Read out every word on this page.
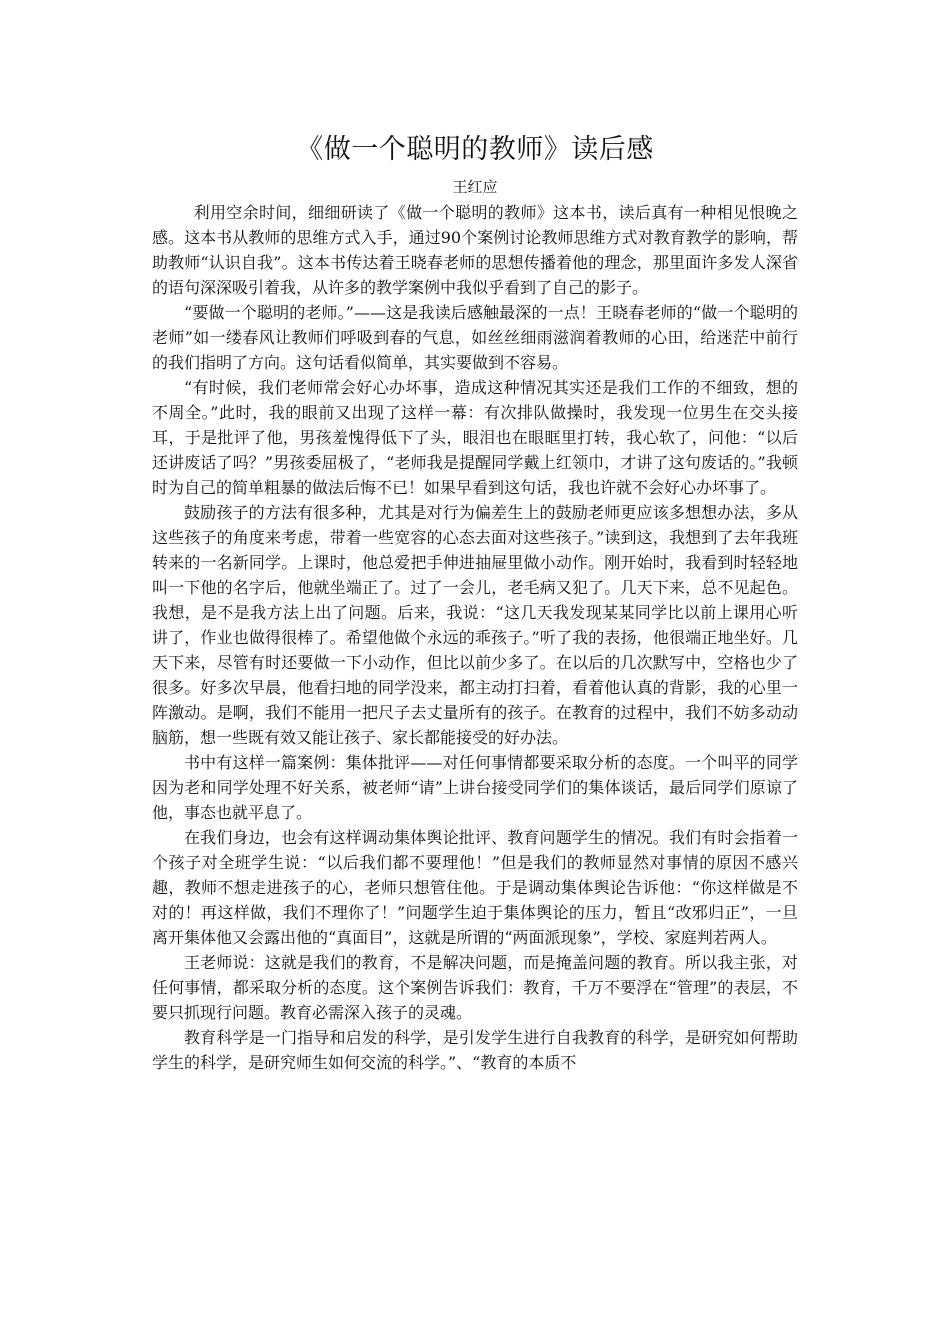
《做一个聪明的教师》读后感
王红应

利用空余时间，细细研读了《做一个聪明的教师》这本书，读后真有一种相见恨晚之感。这本书从教师的思维方式入手，通过90个案例讨论教师思维方式对教育教学的影响，帮助教师“认识自我”。这本书传达着王晓春老师的思想传播着他的理念，那里面许多发人深省的语句深深吸引着我，从许多的教学案例中我似乎看到了自己的影子。

“要做一个聪明的老师。”——这是我读后感触最深的一点！王晓春老师的“做一个聪明的老师”如一缕春风让教师们呼吸到春的气息，如丝丝细雨滋润着教师的心田，给迷茫中前行的我们指明了方向。这句话看似简单，其实要做到不容易。

“有时候，我们老师常会好心办坏事，造成这种情况其实还是我们工作的不细致，想的不周全。”此时，我的眼前又出现了这样一幕：有次排队做操时，我发现一位男生在交头接耳，于是批评了他，男孩羞愧得低下了头，眼泪也在眼眶里打转，我心软了，问他：“以后还讲废话了吗？”男孩委屈极了，“老师我是提醒同学戴上红领巾，才讲了这句废话的。”我顿时为自己的简单粗暴的做法后悔不已！如果早看到这句话，我也许就不会好心办坏事了。

鼓励孩子的方法有很多种，尤其是对行为偏差生上的鼓励老师更应该多想想办法，多从这些孩子的角度来考虑，带着一些宽容的心态去面对这些孩子。”读到这，我想到了去年我班转来的一名新同学。上课时，他总爱把手伸进抽屉里做小动作。刚开始时，我看到时轻轻地叫一下他的名字后，他就坐端正了。过了一会儿，老毛病又犯了。几天下来，总不见起色。我想，是不是我方法上出了问题。后来，我说：“这几天我发现某某同学比以前上课用心听讲了，作业也做得很棒了。希望他做个永远的乖孩子。”听了我的表扬，他很端正地坐好。几天下来，尽管有时还要做一下小动作，但比以前少多了。在以后的几次默写中，空格也少了很多。好多次早晨，他看扫地的同学没来，都主动打扫着，看着他认真的背影，我的心里一阵激动。是啊，我们不能用一把尺子去丈量所有的孩子。在教育的过程中，我们不妨多动动脑筋，想一些既有效又能让孩子、家长都能接受的好办法。

书中有这样一篇案例：集体批评——对任何事情都要采取分析的态度。一个叫平的同学因为老和同学处理不好关系，被老师“请”上讲台接受同学们的集体谈话，最后同学们原谅了他，事态也就平息了。

在我们身边，也会有这样调动集体舆论批评、教育问题学生的情况。我们有时会指着一个孩子对全班学生说：“以后我们都不要理他！”但是我们的教师显然对事情的原因不感兴趣，教师不想走进孩子的心，老师只想管住他。于是调动集体舆论告诉他：“你这样做是不对的！再这样做，我们不理你了！”问题学生迫于集体舆论的压力，暂且“改邪归正”，一旦离开集体他又会露出他的“真面目”，这就是所谓的“两面派现象”，学校、家庭判若两人。

王老师说：这就是我们的教育，不是解决问题，而是掩盖问题的教育。所以我主张，对任何事情，都采取分析的态度。这个案例告诉我们：教育，千万不要浮在“管理”的表层，不要只抓现行问题。教育必需深入孩子的灵魂。

教育科学是一门指导和启发的科学，是引发学生进行自我教育的科学，是研究如何帮助学生的科学，是研究师生如何交流的科学。”、“教育的本质不
